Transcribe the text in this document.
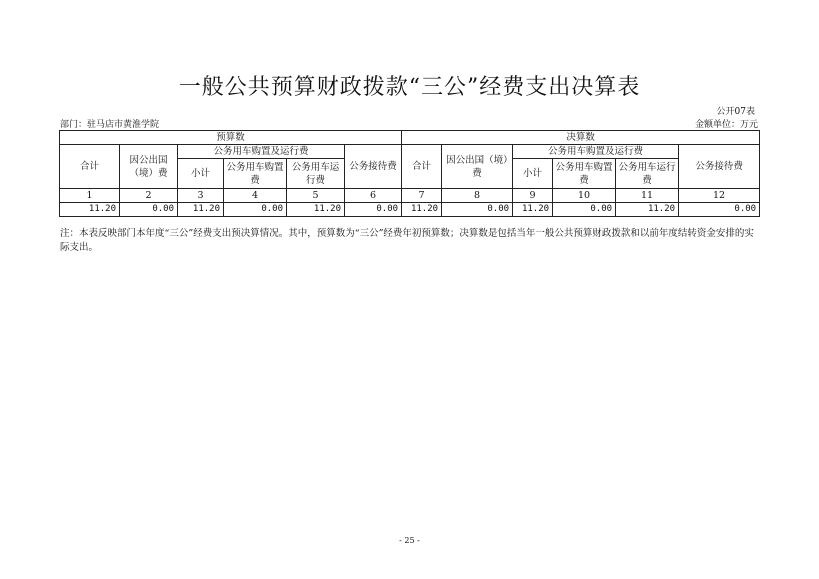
一般公共预算财政拨款“三公”经费支出决算表
公开07表
部门：驻马店市黄淮学院	金额单位：万元
预算数						决算数					
合计	因公出国（境）费	公务用车购置及运行费			公务接待费	合计	因公出国（境）费	公务用车购置及运行费			公务接待费
		小计	公务用车购置费	公务用车运行费				小计	公务用车购置费	公务用车运行费	
1	2	3	4	5	6	7	8	9	10	11	12
11.20	0.00	11.20	0.00	11.20	0.00	11.20	0.00	11.20	0.00	11.20	0.00
注：本表反映部门本年度“三公”经费支出预决算情况。其中，预算数为“三公”经费年初预算数；决算数是包括当年一般公共预算财政拨款和以前年度结转资金安排的实际支出。
- 25 -
